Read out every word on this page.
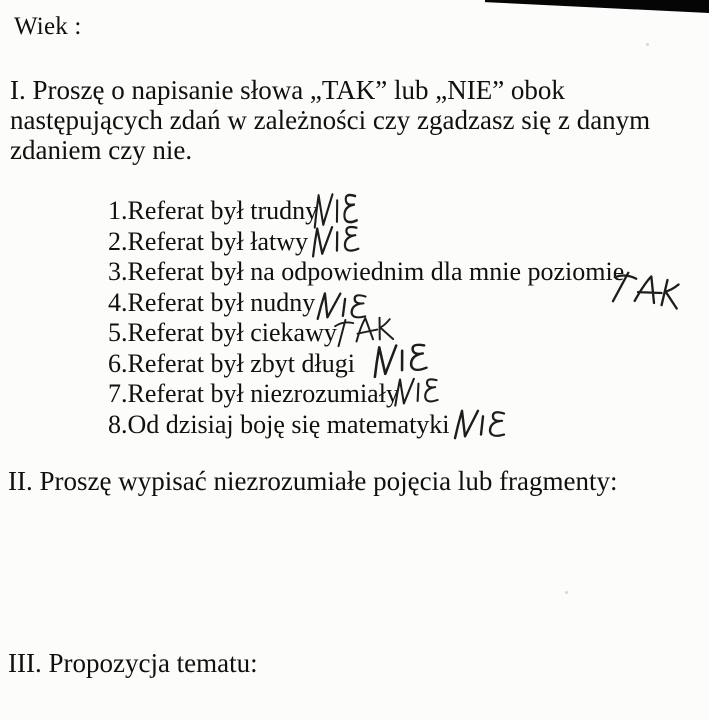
Wiek :
I. Proszę o napisanie słowa „TAK” lub „NIE” obok
następujących zdań w zależności czy zgadzasz się z danym
zdaniem czy nie.
1.Referat był trudny
2.Referat był łatwy
3.Referat był na odpowiednim dla mnie poziomie
4.Referat był nudny
5.Referat był ciekawy
6.Referat był zbyt długi
7.Referat był niezrozumiały
8.Od dzisiaj boję się matematyki
II. Proszę wypisać niezrozumiałe pojęcia lub fragmenty:
III. Propozycja tematu:
